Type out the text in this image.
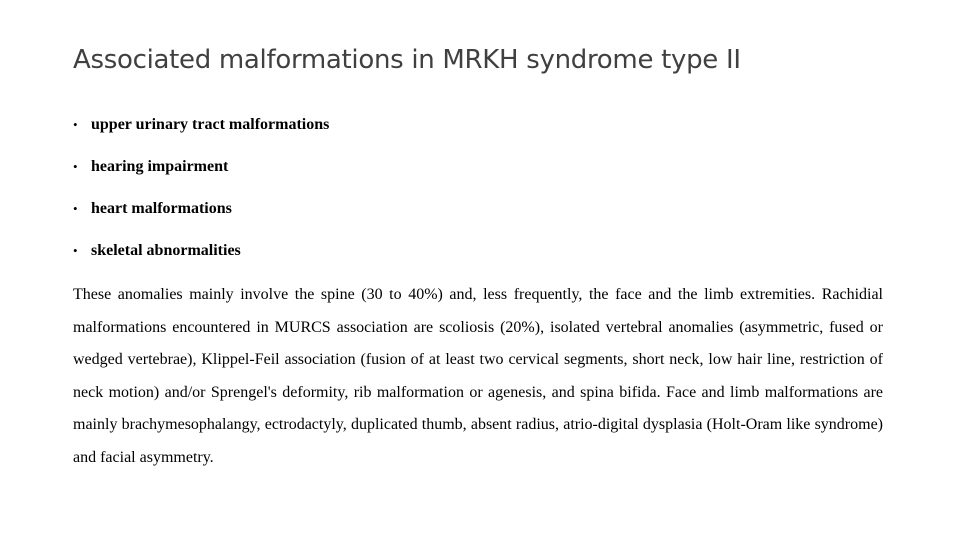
Associated malformations in MRKH syndrome type II
• upper urinary tract malformations
• hearing impairment
• heart malformations
• skeletal abnormalities

These anomalies mainly involve the spine (30 to 40%) and, less frequently, the face and the limb extremities. Rachidial malformations encountered in MURCS association are scoliosis (20%), isolated vertebral anomalies (asymmetric, fused or wedged vertebrae), Klippel-Feil association (fusion of at least two cervical segments, short neck, low hair line, restriction of neck motion) and/or Sprengel's deformity, rib malformation or agenesis, and spina bifida. Face and limb malformations are mainly brachymesophalangy, ectrodactyly, duplicated thumb, absent radius, atrio-digital dysplasia (Holt-Oram like syndrome) and facial asymmetry.
